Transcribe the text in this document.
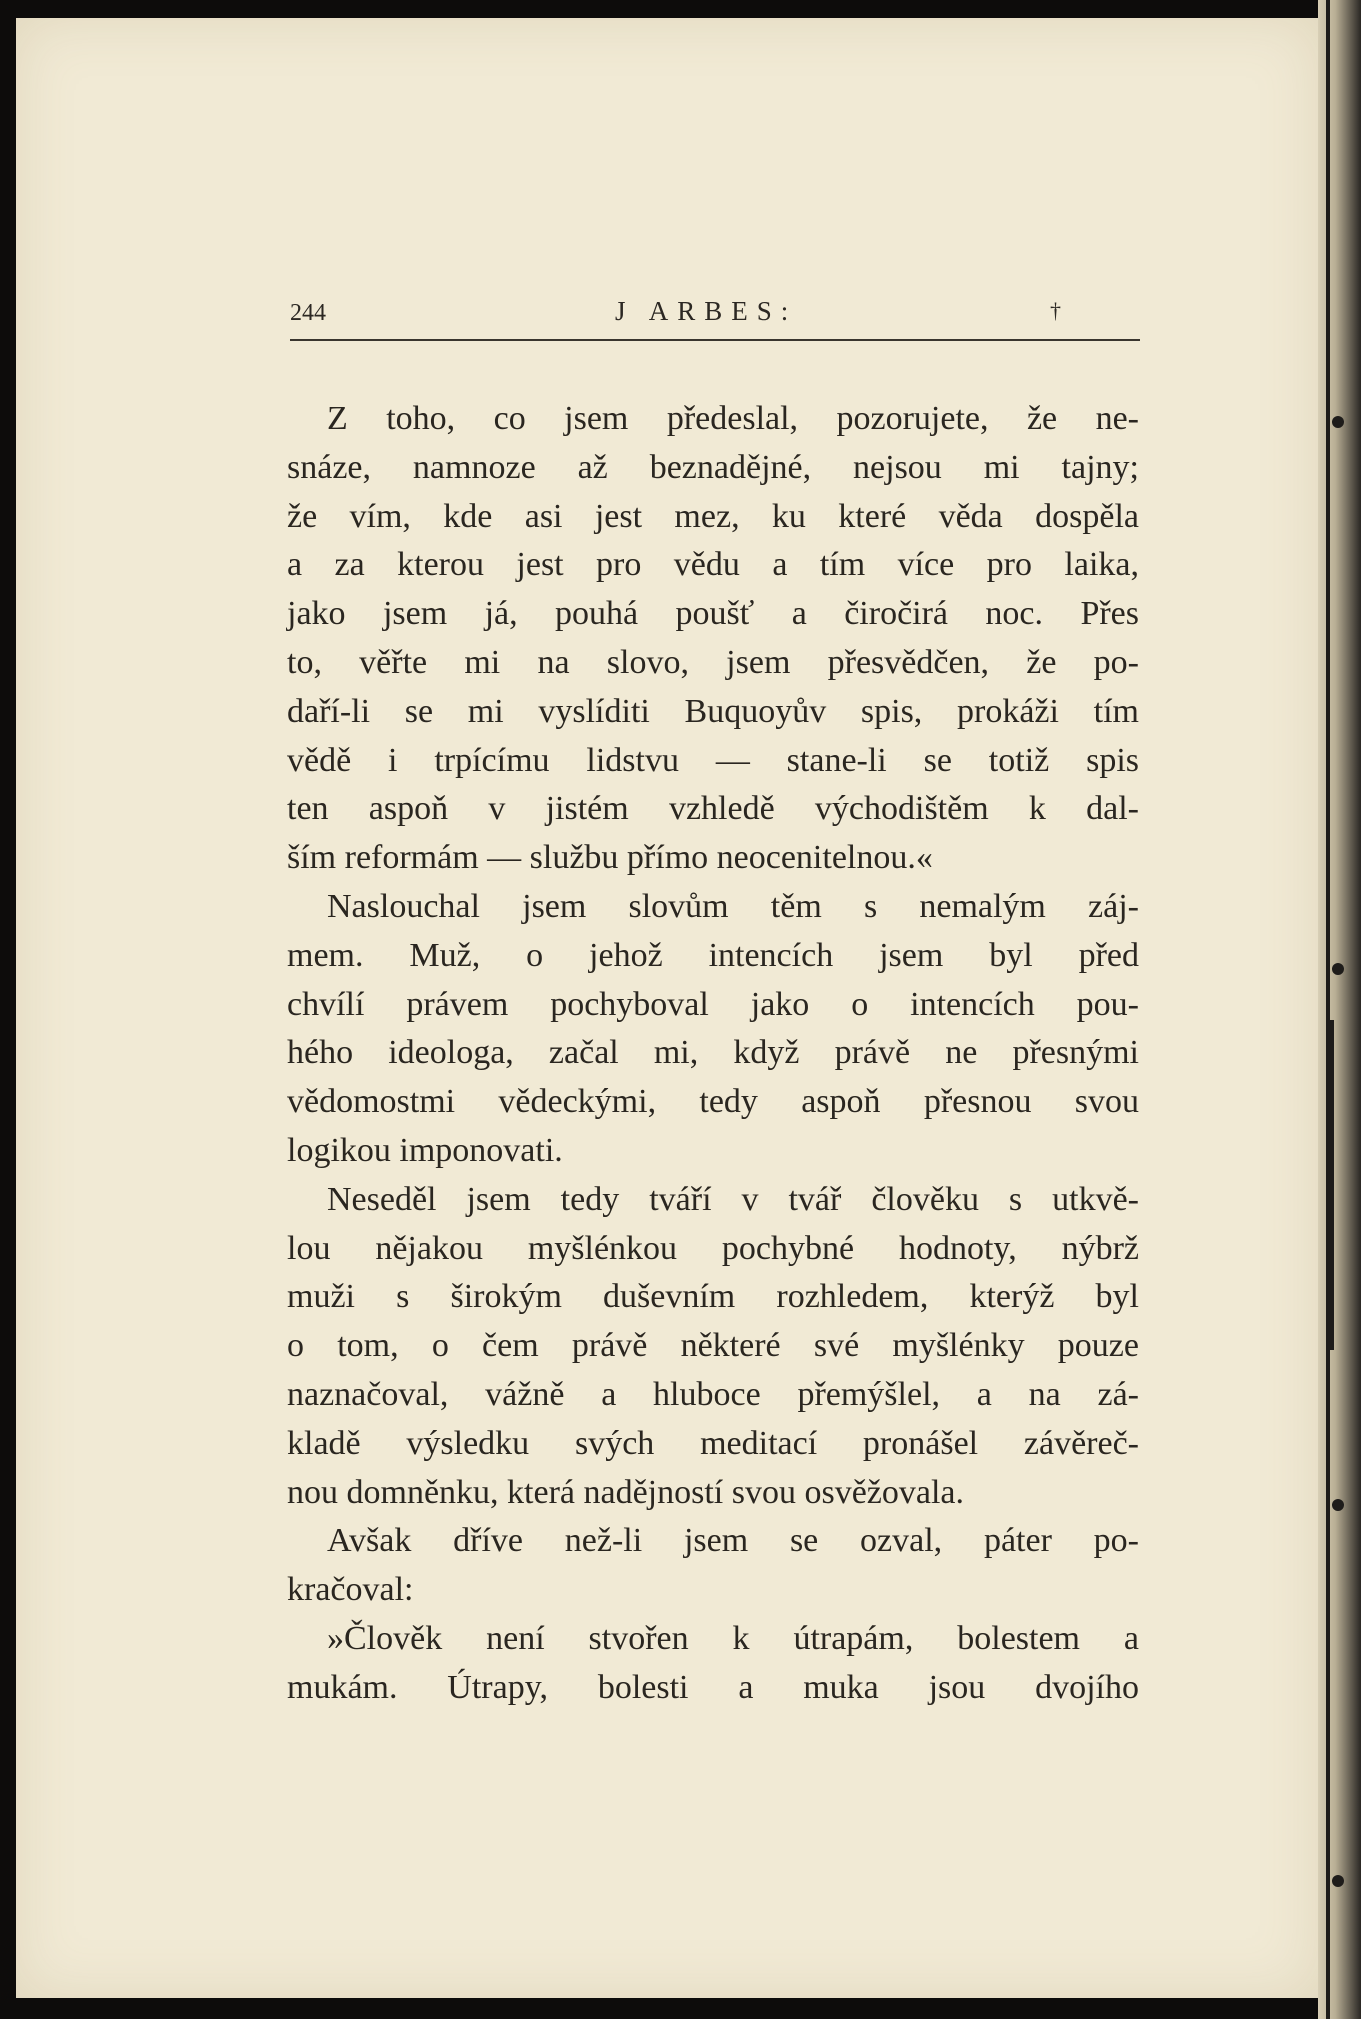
244	J ARBES:	†

Z toho, co jsem předeslal, pozorujete, že ne-
snáze, namnoze až beznadějné, nejsou mi tajny;
že vím, kde asi jest mez, ku které věda dospěla
a za kterou jest pro vědu a tím více pro laika,
jako jsem já, pouhá poušť a čiročirá noc. Přes
to, věřte mi na slovo, jsem přesvědčen, že po-
daří-li se mi vyslíditi Buquoyův spis, prokáži tím
vědě i trpícímu lidstvu — stane-li se totiž spis
ten aspoň v jistém vzhledě východištěm k dal-
ším reformám — službu přímo neocenitelnou.«

Naslouchal jsem slovům těm s nemalým záj-
mem. Muž, o jehož intencích jsem byl před
chvílí právem pochyboval jako o intencích pou-
hého ideologa, začal mi, když právě ne přesnými
vědomostmi vědeckými, tedy aspoň přesnou svou
logikou imponovati.

Neseděl jsem tedy tváří v tvář člověku s utkvě-
lou nějakou myšlénkou pochybné hodnoty, nýbrž
muži s širokým duševním rozhledem, kterýž byl
o tom, o čem právě některé své myšlénky pouze
naznačoval, vážně a hluboce přemýšlel, a na zá-
kladě výsledku svých meditací pronášel závěreč-
nou domněnku, která nadějností svou osvěžovala.

Avšak dříve než-li jsem se ozval, páter po-
kračoval:

»Člověk není stvořen k útrapám, bolestem a
mukám. Útrapy, bolesti a muka jsou dvojího
